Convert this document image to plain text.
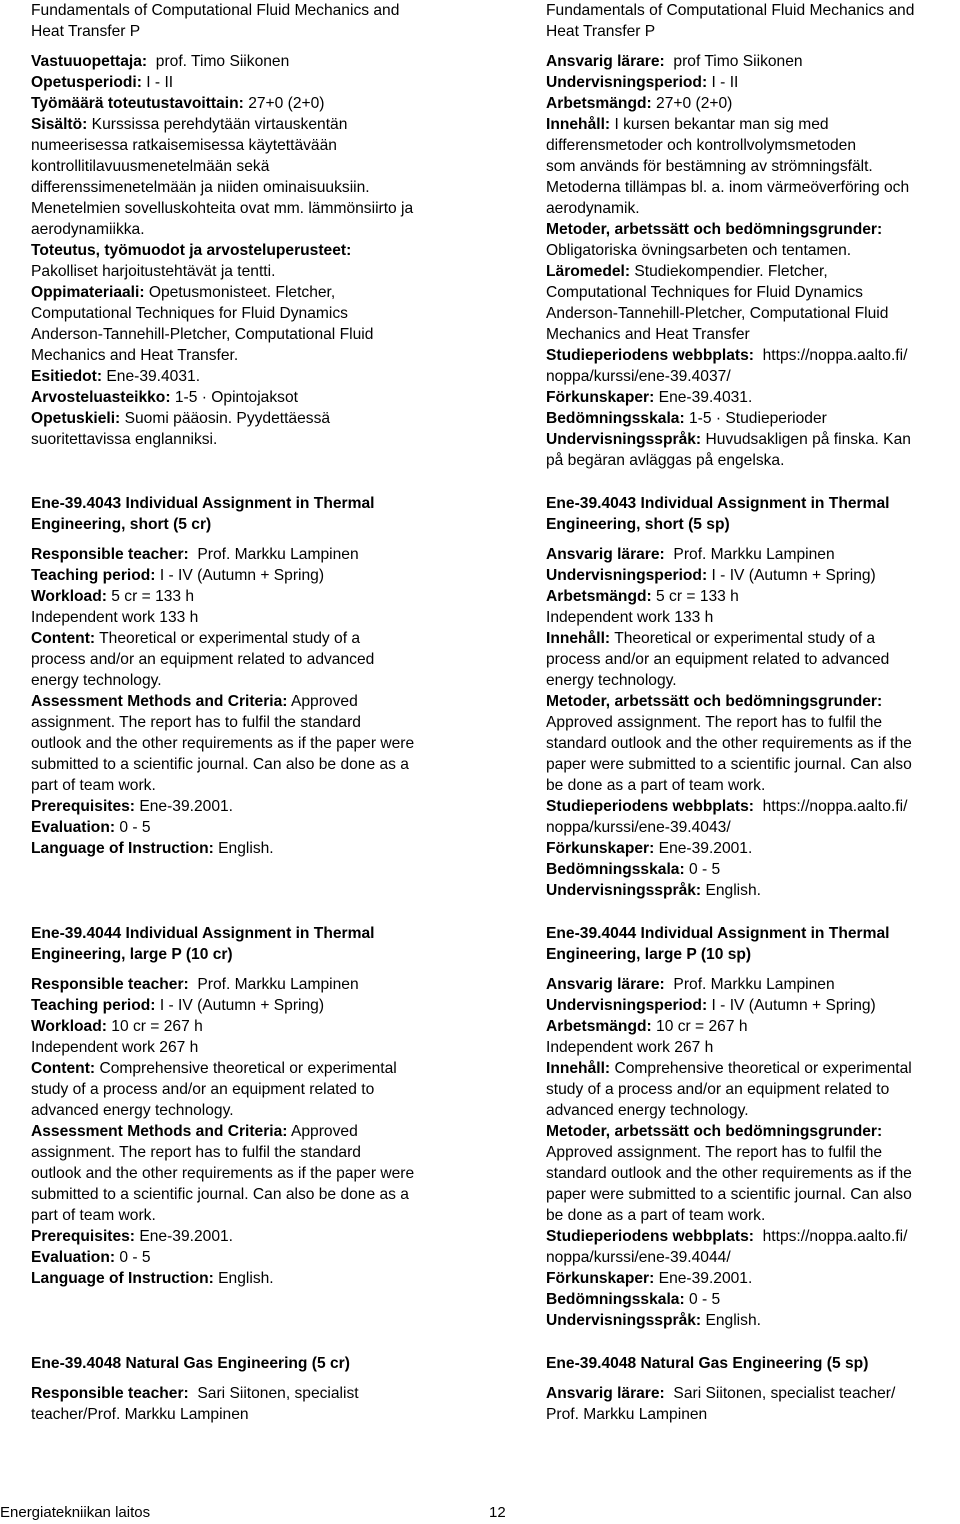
Fundamentals of Computational Fluid Mechanics and
Heat Transfer P
Vastuuopettaja: prof. Timo Siikonen
Opetusperiodi: I - II
Työmäärä toteutustavoittain: 27+0 (2+0)
Sisältö: Kurssissa perehdytään virtauskentän
numeerisessa ratkaisemisessa käytettävään
kontrollitilavuusmenetelmään sekä
differenssimenetelmään ja niiden ominaisuuksiin.
Menetelmien sovelluskohteita ovat mm. lämmönsiirto ja
aerodynamiikka.
Toteutus, työmuodot ja arvosteluperusteet:
Pakolliset harjoitustehtävät ja tentti.
Oppimateriaali: Opetusmonisteet. Fletcher,
Computational Techniques for Fluid Dynamics
Anderson-Tannehill-Pletcher, Computational Fluid
Mechanics and Heat Transfer.
Esitiedot: Ene-39.4031.
Arvosteluasteikko: 1-5 · Opintojaksot
Opetuskieli: Suomi pääosin. Pyydettäessä
suoritettavissa englanniksi.
Ene-39.4043 Individual Assignment in Thermal
Engineering, short (5 cr)
Responsible teacher: Prof. Markku Lampinen
Teaching period: I - IV (Autumn + Spring)
Workload: 5 cr = 133 h
Independent work 133 h
Content: Theoretical or experimental study of a
process and/or an equipment related to advanced
energy technology.
Assessment Methods and Criteria: Approved
assignment. The report has to fulfil the standard
outlook and the other requirements as if the paper were
submitted to a scientific journal. Can also be done as a
part of team work.
Prerequisites: Ene-39.2001.
Evaluation: 0 - 5
Language of Instruction: English.
Ene-39.4044 Individual Assignment in Thermal
Engineering, large P (10 cr)
Responsible teacher: Prof. Markku Lampinen
Teaching period: I - IV (Autumn + Spring)
Workload: 10 cr = 267 h
Independent work 267 h
Content: Comprehensive theoretical or experimental
study of a process and/or an equipment related to
advanced energy technology.
Assessment Methods and Criteria: Approved
assignment. The report has to fulfil the standard
outlook and the other requirements as if the paper were
submitted to a scientific journal. Can also be done as a
part of team work.
Prerequisites: Ene-39.2001.
Evaluation: 0 - 5
Language of Instruction: English.
Ene-39.4048 Natural Gas Engineering (5 cr)
Responsible teacher: Sari Siitonen, specialist
teacher/Prof. Markku Lampinen
Fundamentals of Computational Fluid Mechanics and
Heat Transfer P
Ansvarig lärare: prof Timo Siikonen
Undervisningsperiod: I - II
Arbetsmängd: 27+0 (2+0)
Innehåll: I kursen bekantar man sig med
differensmetoder och kontrollvolymsmetoden
som används för bestämning av strömningsfält.
Metoderna tillämpas bl. a. inom värmeöverföring och
aerodynamik.
Metoder, arbetssätt och bedömningsgrunder:
Obligatoriska övningsarbeten och tentamen.
Läromedel: Studiekompendier. Fletcher,
Computational Techniques for Fluid Dynamics
Anderson-Tannehill-Pletcher, Computational Fluid
Mechanics and Heat Transfer
Studieperiodens webbplats: https://noppa.aalto.fi/
noppa/kurssi/ene-39.4037/
Förkunskaper: Ene-39.4031.
Bedömningsskala: 1-5 · Studieperioder
Undervisningsspråk: Huvudsakligen på finska. Kan
på begäran avläggas på engelska.
Ene-39.4043 Individual Assignment in Thermal
Engineering, short (5 sp)
Ansvarig lärare: Prof. Markku Lampinen
Undervisningsperiod: I - IV (Autumn + Spring)
Arbetsmängd: 5 cr = 133 h
Independent work 133 h
Innehåll: Theoretical or experimental study of a
process and/or an equipment related to advanced
energy technology.
Metoder, arbetssätt och bedömningsgrunder:
Approved assignment. The report has to fulfil the
standard outlook and the other requirements as if the
paper were submitted to a scientific journal. Can also
be done as a part of team work.
Studieperiodens webbplats: https://noppa.aalto.fi/
noppa/kurssi/ene-39.4043/
Förkunskaper: Ene-39.2001.
Bedömningsskala: 0 - 5
Undervisningsspråk: English.
Ene-39.4044 Individual Assignment in Thermal
Engineering, large P (10 sp)
Ansvarig lärare: Prof. Markku Lampinen
Undervisningsperiod: I - IV (Autumn + Spring)
Arbetsmängd: 10 cr = 267 h
Independent work 267 h
Innehåll: Comprehensive theoretical or experimental
study of a process and/or an equipment related to
advanced energy technology.
Metoder, arbetssätt och bedömningsgrunder:
Approved assignment. The report has to fulfil the
standard outlook and the other requirements as if the
paper were submitted to a scientific journal. Can also
be done as a part of team work.
Studieperiodens webbplats: https://noppa.aalto.fi/
noppa/kurssi/ene-39.4044/
Förkunskaper: Ene-39.2001.
Bedömningsskala: 0 - 5
Undervisningsspråk: English.
Ene-39.4048 Natural Gas Engineering (5 sp)
Ansvarig lärare: Sari Siitonen, specialist teacher/
Prof. Markku Lampinen
Energiatekniikan laitos	12
